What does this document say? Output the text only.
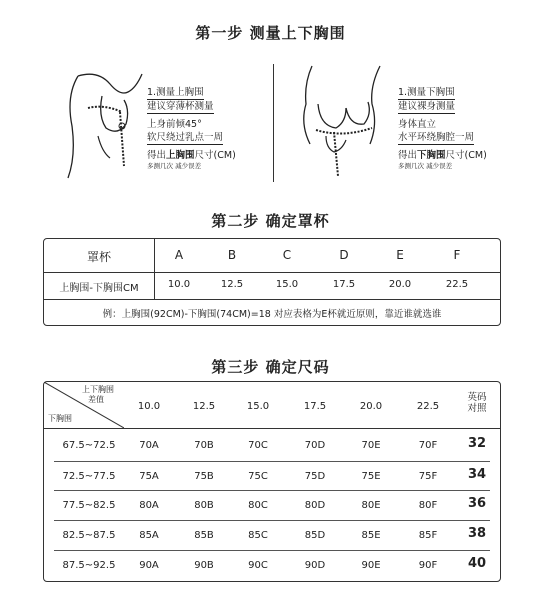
第一步 测量上下胸围
1.测量上胸围
建议穿薄杯测量

上身前倾45°
软尺绕过乳点一周

得出上胸围尺寸(CM)
多测几次 减少误差
1.测量下胸围
建议裸身测量

身体直立
水平环绕胸腔一周

得出下胸围尺寸(CM)
多测几次 减少误差
第二步 确定罩杯
罩杯	A	B	C	D	E	F
上胸围-下胸围CM	10.0	12.5	15.0	17.5	20.0	22.5
例：上胸围(92CM)-下胸围(74CM)=18 对应表格为E杯就近原则，靠近谁就选谁
第三步 确定尺码
上下胸围
差值
下胸围
10.0	12.5	15.0	17.5	20.0	22.5
英码
对照
67.5~72.5	70A	70B	70C	70D	70E	70F	32
72.5~77.5	75A	75B	75C	75D	75E	75F	34
77.5~82.5	80A	80B	80C	80D	80E	80F	36
82.5~87.5	85A	85B	85C	85D	85E	85F	38
87.5~92.5	90A	90B	90C	90D	90E	90F	40
